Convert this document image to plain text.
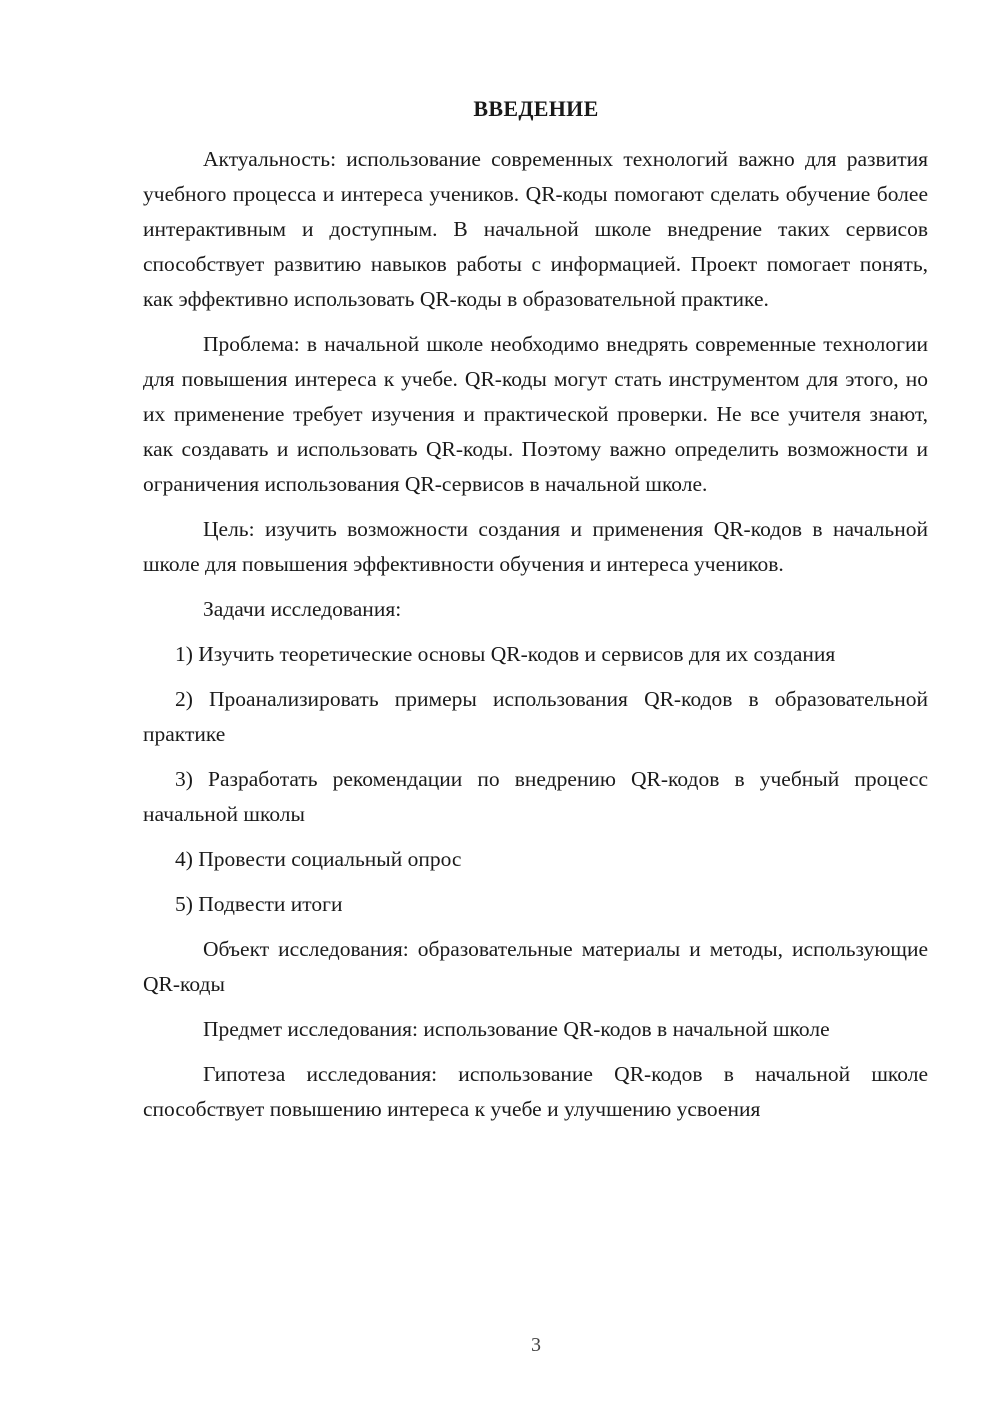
ВВЕДЕНИЕ

Актуальность: использование современных технологий важно для развития учебного процесса и интереса учеников. QR-коды помогают сделать обучение более интерактивным и доступным. В начальной школе внедрение таких сервисов способствует развитию навыков работы с информацией. Проект помогает понять, как эффективно использовать QR-коды в образовательной практике.

Проблема: в начальной школе необходимо внедрять современные технологии для повышения интереса к учебе. QR-коды могут стать инструментом для этого, но их применение требует изучения и практической проверки. Не все учителя знают, как создавать и использовать QR-коды. Поэтому важно определить возможности и ограничения использования QR-сервисов в начальной школе.

Цель: изучить возможности создания и применения QR-кодов в начальной школе для повышения эффективности обучения и интереса учеников.

Задачи исследования:

1) Изучить теоретические основы QR-кодов и сервисов для их создания

2) Проанализировать примеры использования QR-кодов в образовательной практике

3) Разработать рекомендации по внедрению QR-кодов в учебный процесс начальной школы

4) Провести социальный опрос

5) Подвести итоги

Объект исследования: образовательные материалы и методы, использующие QR-коды

Предмет исследования: использование QR-кодов в начальной школе

Гипотеза исследования: использование QR-кодов в начальной школе способствует повышению интереса к учебе и улучшению усвоения

3
